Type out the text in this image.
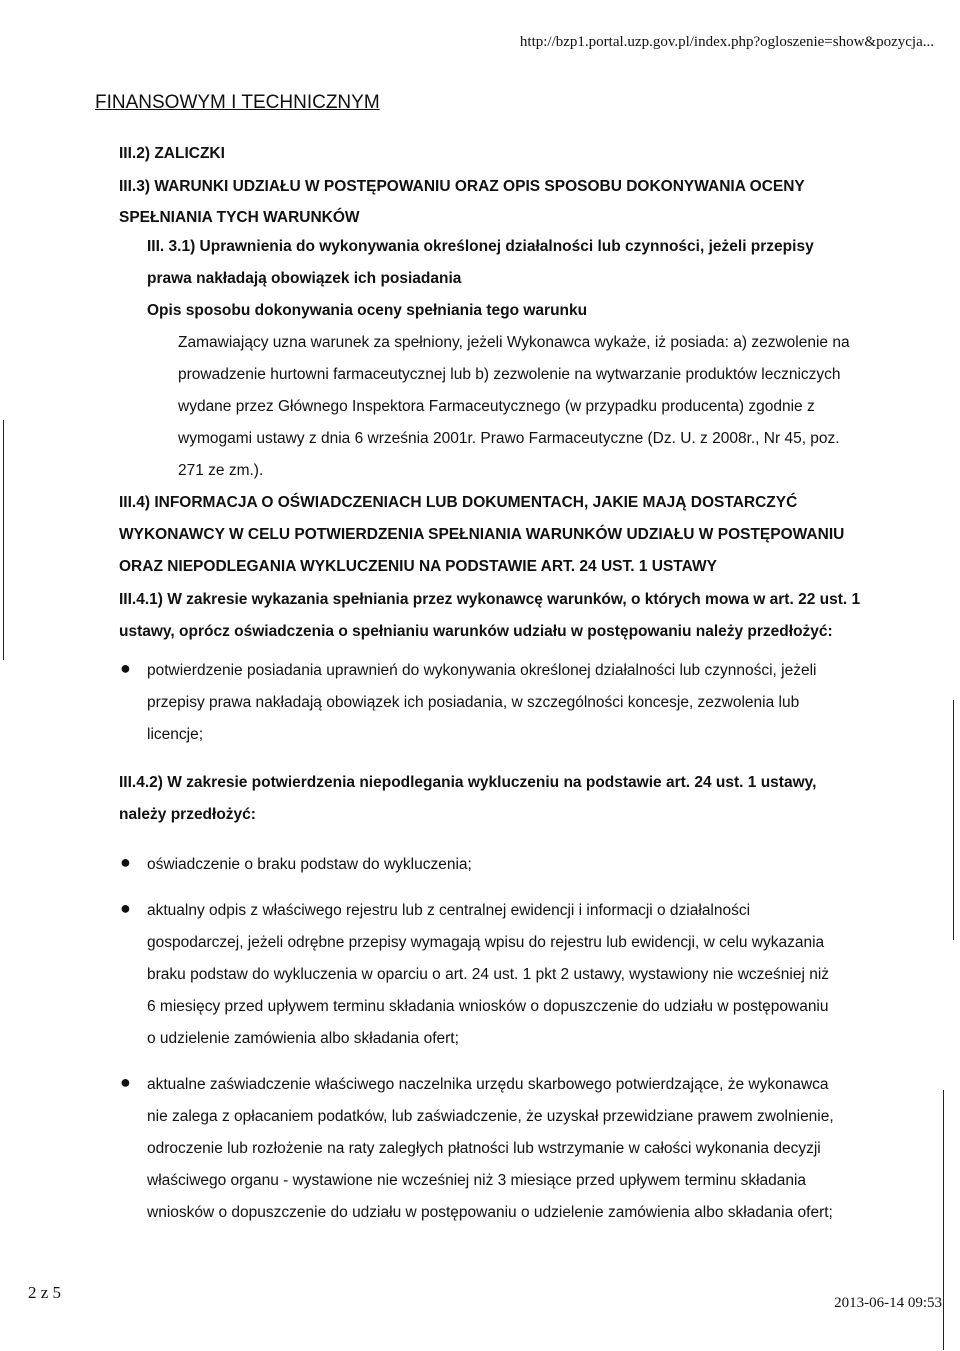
http://bzp1.portal.uzp.gov.pl/index.php?ogloszenie=show&pozycja...
FINANSOWYM I TECHNICZNYM
III.2) ZALICZKI
III.3) WARUNKI UDZIAŁU W POSTĘPOWANIU ORAZ OPIS SPOSOBU DOKONYWANIA OCENY
SPEŁNIANIA TYCH WARUNKÓW
III. 3.1) Uprawnienia do wykonywania określonej działalności lub czynności, jeżeli przepisy
prawa nakładają obowiązek ich posiadania
Opis sposobu dokonywania oceny spełniania tego warunku
Zamawiający uzna warunek za spełniony, jeżeli Wykonawca wykaże, iż posiada: a) zezwolenie na
prowadzenie hurtowni farmaceutycznej lub b) zezwolenie na wytwarzanie produktów leczniczych
wydane przez Głównego Inspektora Farmaceutycznego (w przypadku producenta) zgodnie z
wymogami ustawy z dnia 6 września 2001r. Prawo Farmaceutyczne (Dz. U. z 2008r., Nr 45, poz.
271 ze zm.).
III.4) INFORMACJA O OŚWIADCZENIACH LUB DOKUMENTACH, JAKIE MAJĄ DOSTARCZYĆ
WYKONAWCY W CELU POTWIERDZENIA SPEŁNIANIA WARUNKÓW UDZIAŁU W POSTĘPOWANIU
ORAZ NIEPODLEGANIA WYKLUCZENIU NA PODSTAWIE ART. 24 UST. 1 USTAWY
III.4.1) W zakresie wykazania spełniania przez wykonawcę warunków, o których mowa w art. 22 ust. 1
ustawy, oprócz oświadczenia o spełnianiu warunków udziału w postępowaniu należy przedłożyć:
● potwierdzenie posiadania uprawnień do wykonywania określonej działalności lub czynności, jeżeli
przepisy prawa nakładają obowiązek ich posiadania, w szczególności koncesje, zezwolenia lub
licencje;
III.4.2) W zakresie potwierdzenia niepodlegania wykluczeniu na podstawie art. 24 ust. 1 ustawy,
należy przedłożyć:
● oświadczenie o braku podstaw do wykluczenia;
● aktualny odpis z właściwego rejestru lub z centralnej ewidencji i informacji o działalności
gospodarczej, jeżeli odrębne przepisy wymagają wpisu do rejestru lub ewidencji, w celu wykazania
braku podstaw do wykluczenia w oparciu o art. 24 ust. 1 pkt 2 ustawy, wystawiony nie wcześniej niż
6 miesięcy przed upływem terminu składania wniosków o dopuszczenie do udziału w postępowaniu
o udzielenie zamówienia albo składania ofert;
● aktualne zaświadczenie właściwego naczelnika urzędu skarbowego potwierdzające, że wykonawca
nie zalega z opłacaniem podatków, lub zaświadczenie, że uzyskał przewidziane prawem zwolnienie,
odroczenie lub rozłożenie na raty zaległych płatności lub wstrzymanie w całości wykonania decyzji
właściwego organu - wystawione nie wcześniej niż 3 miesiące przed upływem terminu składania
wniosków o dopuszczenie do udziału w postępowaniu o udzielenie zamówienia albo składania ofert;
2 z 5
2013-06-14 09:53
